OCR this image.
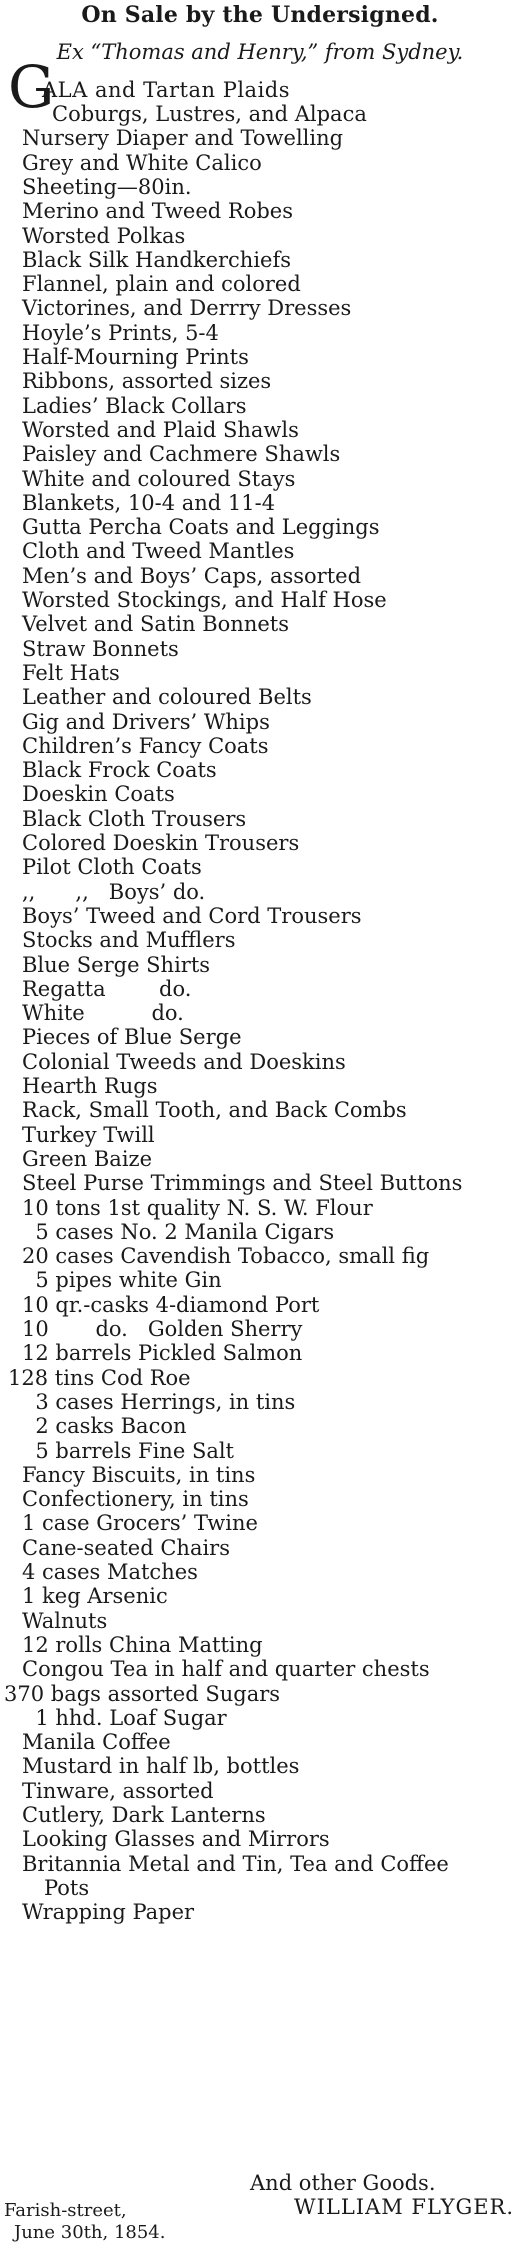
On Sale by the Undersigned.
Ex “Thomas and Henry,” from Sydney.
G
ALA and Tartan Plaids
Coburgs, Lustres, and Alpaca
Nursery Diaper and Towelling
Grey and White Calico
Sheeting—80in.
Merino and Tweed Robes
Worsted Polkas
Black Silk Handkerchiefs
Flannel, plain and colored
Victorines, and Derrry Dresses
Hoyle’s Prints, 5-4
Half-Mourning Prints
Ribbons, assorted sizes
Ladies’ Black Collars
Worsted and Plaid Shawls
Paisley and Cachmere Shawls
White and coloured Stays
Blankets, 10-4 and 11-4
Gutta Percha Coats and Leggings
Cloth and Tweed Mantles
Men’s and Boys’ Caps, assorted
Worsted Stockings, and Half Hose
Velvet and Satin Bonnets
Straw Bonnets
Felt Hats
Leather and coloured Belts
Gig and Drivers’ Whips
Children’s Fancy Coats
Black Frock Coats
Doeskin Coats
Black Cloth Trousers
Colored Doeskin Trousers
Pilot Cloth Coats
,,      ,,   Boys’ do.
Boys’ Tweed and Cord Trousers
Stocks and Mufflers
Blue Serge Shirts
Regatta        do.
White          do.
Pieces of Blue Serge
Colonial Tweeds and Doeskins
Hearth Rugs
Rack, Small Tooth, and Back Combs
Turkey Twill
Green Baize
Steel Purse Trimmings and Steel Buttons
10 tons 1st quality N. S. W. Flour
5 cases No. 2 Manila Cigars
20 cases Cavendish Tobacco, small fig
5 pipes white Gin
10 qr.-casks 4-diamond Port
10       do.   Golden Sherry
12 barrels Pickled Salmon
128 tins Cod Roe
3 cases Herrings, in tins
2 casks Bacon
5 barrels Fine Salt
Fancy Biscuits, in tins
Confectionery, in tins
1 case Grocers’ Twine
Cane-seated Chairs
4 cases Matches
1 keg Arsenic
Walnuts
12 rolls China Matting
Congou Tea in half and quarter chests
370 bags assorted Sugars
1 hhd. Loaf Sugar
Manila Coffee
Mustard in half lb, bottles
Tinware, assorted
Cutlery, Dark Lanterns
Looking Glasses and Mirrors
Britannia Metal and Tin, Tea and Coffee
Pots
Wrapping Paper
And other Goods.
WILLIAM FLYGER.
Farish-street,
June 30th, 1854.
